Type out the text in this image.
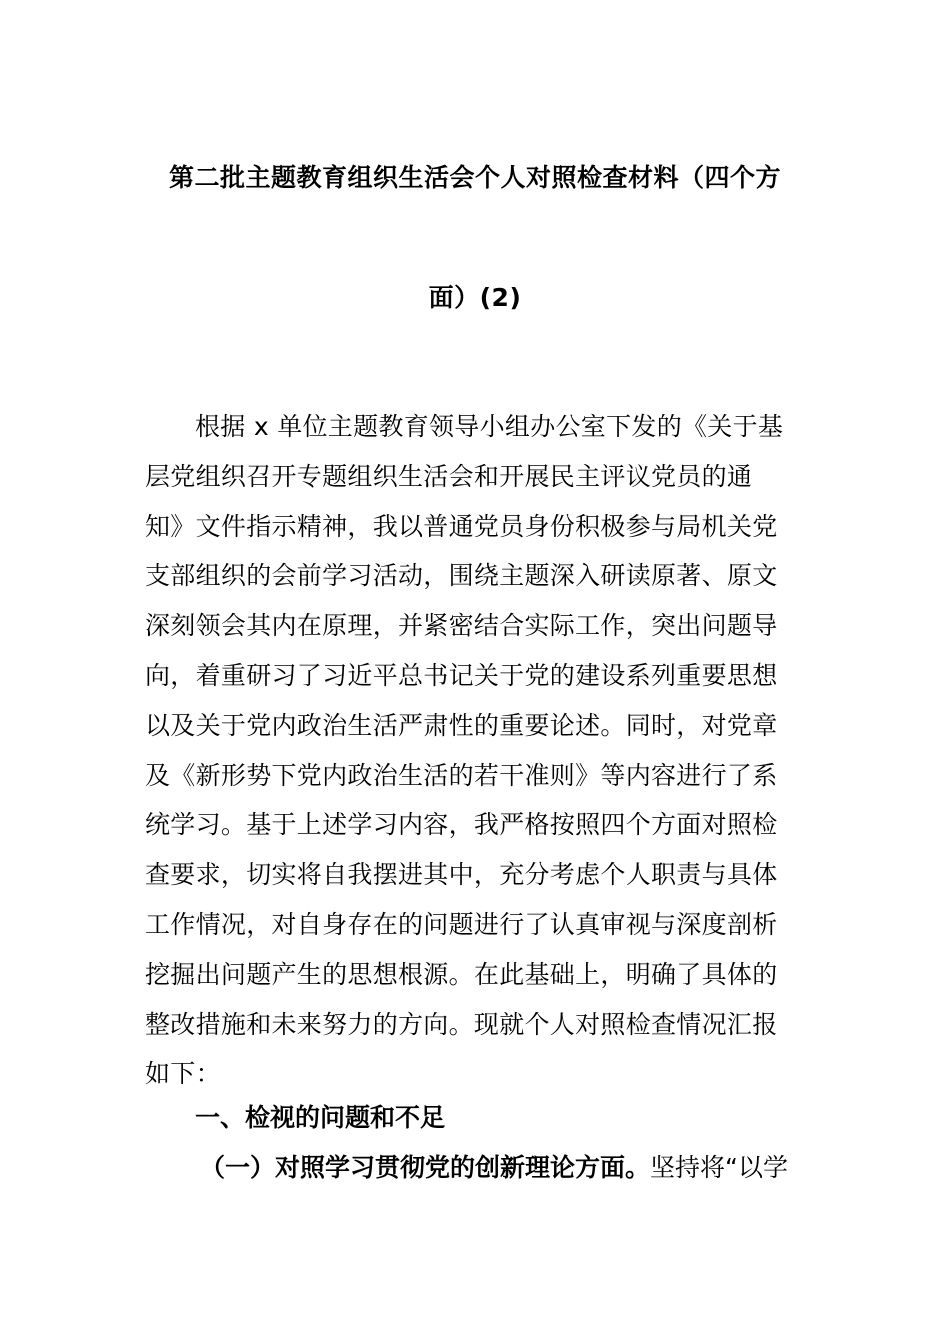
第二批主题教育组织生活会个人对照检查材料（四个方
面）(2)
根据 x 单位主题教育领导小组办公室下发的《关于基
层党组织召开专题组织生活会和开展民主评议党员的通
知》文件指示精神，我以普通党员身份积极参与局机关党
支部组织的会前学习活动，围绕主题深入研读原著、原文
深刻领会其内在原理，并紧密结合实际工作，突出问题导
向，着重研习了习近平总书记关于党的建设系列重要思想
以及关于党内政治生活严肃性的重要论述。同时，对党章
及《新形势下党内政治生活的若干准则》等内容进行了系
统学习。基于上述学习内容，我严格按照四个方面对照检
查要求，切实将自我摆进其中，充分考虑个人职责与具体
工作情况，对自身存在的问题进行了认真审视与深度剖析
挖掘出问题产生的思想根源。在此基础上，明确了具体的
整改措施和未来努力的方向。现就个人对照检查情况汇报
如下：
一、检视的问题和不足
（一）对照学习贯彻党的创新理论方面。坚持将“以学
